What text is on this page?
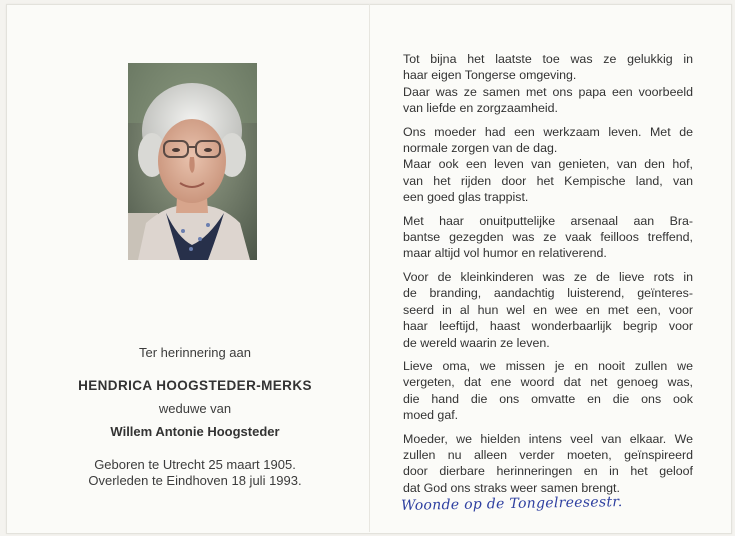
Ter herinnering aan
HENDRICA HOOGSTEDER-MERKS
weduwe van
Willem Antonie Hoogsteder
Geboren te Utrecht 25 maart 1905.
Overleden te Eindhoven 18 juli 1993.
Tot bijna het laatste toe was ze gelukkig in
haar eigen Tongerse omgeving.
Daar was ze samen met ons papa een voorbeeld
van liefde en zorgzaamheid.
Ons moeder had een werkzaam leven. Met de
normale zorgen van de dag.
Maar ook een leven van genieten, van den hof,
van het rijden door het Kempische land, van
een goed glas trappist.
Met haar onuitputtelijke arsenaal aan Bra-
bantse gezegden was ze vaak feilloos treffend,
maar altijd vol humor en relativerend.
Voor de kleinkinderen was ze de lieve rots in
de branding, aandachtig luisterend, geïnteres-
seerd in al hun wel en wee en met een, voor
haar leeftijd, haast wonderbaarlijk begrip voor
de wereld waarin ze leven.
Lieve oma, we missen je en nooit zullen we
vergeten, dat ene woord dat net genoeg was,
die hand die ons omvatte en die ons ook
moed gaf.
Moeder, we hielden intens veel van elkaar. We
zullen nu alleen verder moeten, geïnspireerd
door dierbare herinneringen en in het geloof
dat God ons straks weer samen brengt.
Woonde op de Tongelreesestr.
